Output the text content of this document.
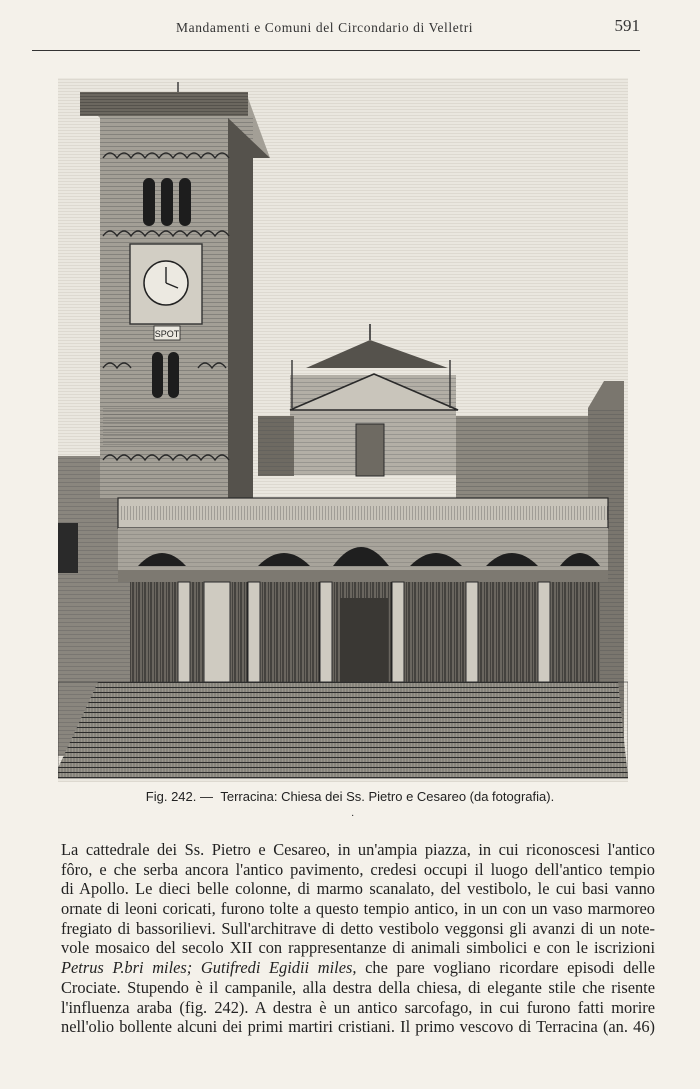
Mandamenti e Comuni del Circondario di Velletri	591
SPOT
Fig. 242. — Terracina: Chiesa dei Ss. Pietro e Cesareo (da fotografia).
·
La cattedrale dei Ss. Pietro e Cesareo, in un'ampia piazza, in cui riconoscesi l'antico
fôro, e che serba ancora l'antico pavimento, credesi occupi il luogo dell'antico tempio
di Apollo. Le dieci belle colonne, di marmo scanalato, del vestibolo, le cui basi vanno
ornate di leoni coricati, furono tolte a questo tempio antico, in un con un vaso marmoreo
fregiato di bassorilievi. Sull'architrave di detto vestibolo veggonsi gli avanzi di un note-
vole mosaico del secolo XII con rappresentanze di animali simbolici e con le iscrizioni
Petrus P.bri miles; Gutifredi Egidii miles, che pare vogliano ricordare episodi delle
Crociate. Stupendo è il campanile, alla destra della chiesa, di elegante stile che risente
l'influenza araba (fig. 242). A destra è un antico sarcofago, in cui furono fatti morire
nell'olio bollente alcuni dei primi martiri cristiani. Il primo vescovo di Terracina (an. 46)
